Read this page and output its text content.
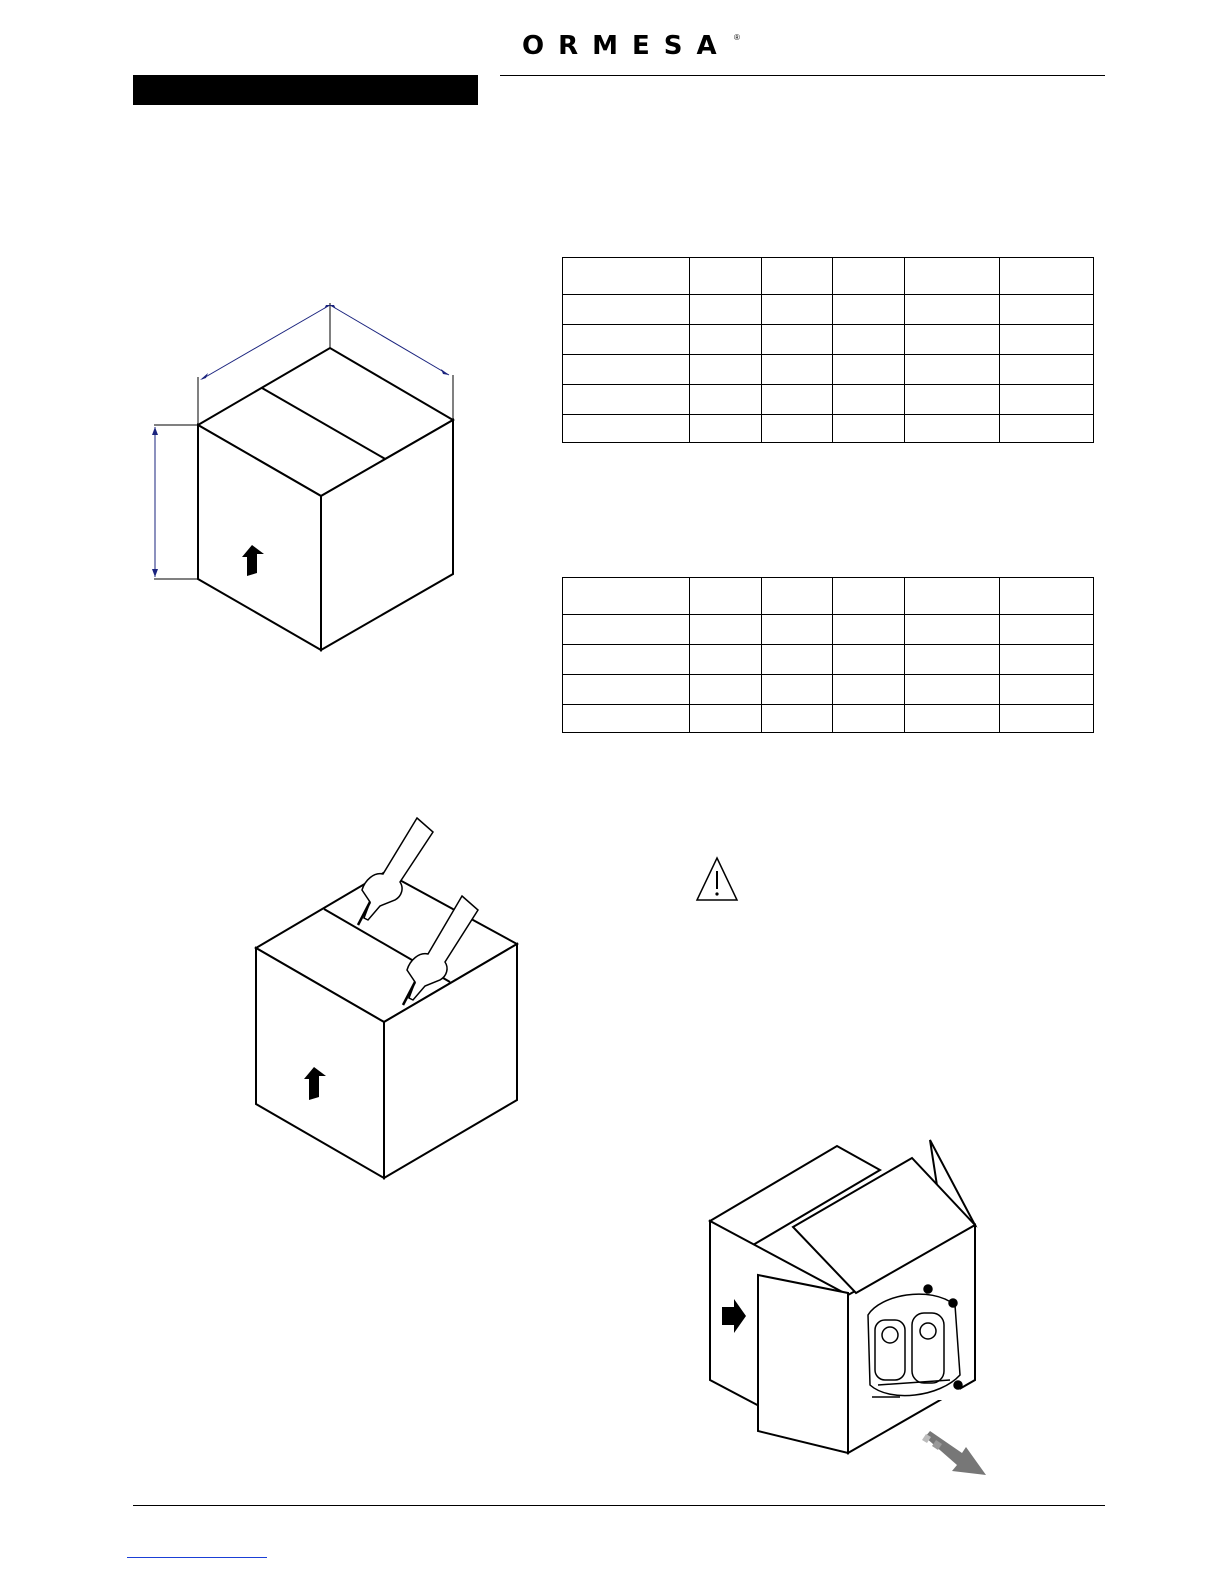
ORMESA ®
